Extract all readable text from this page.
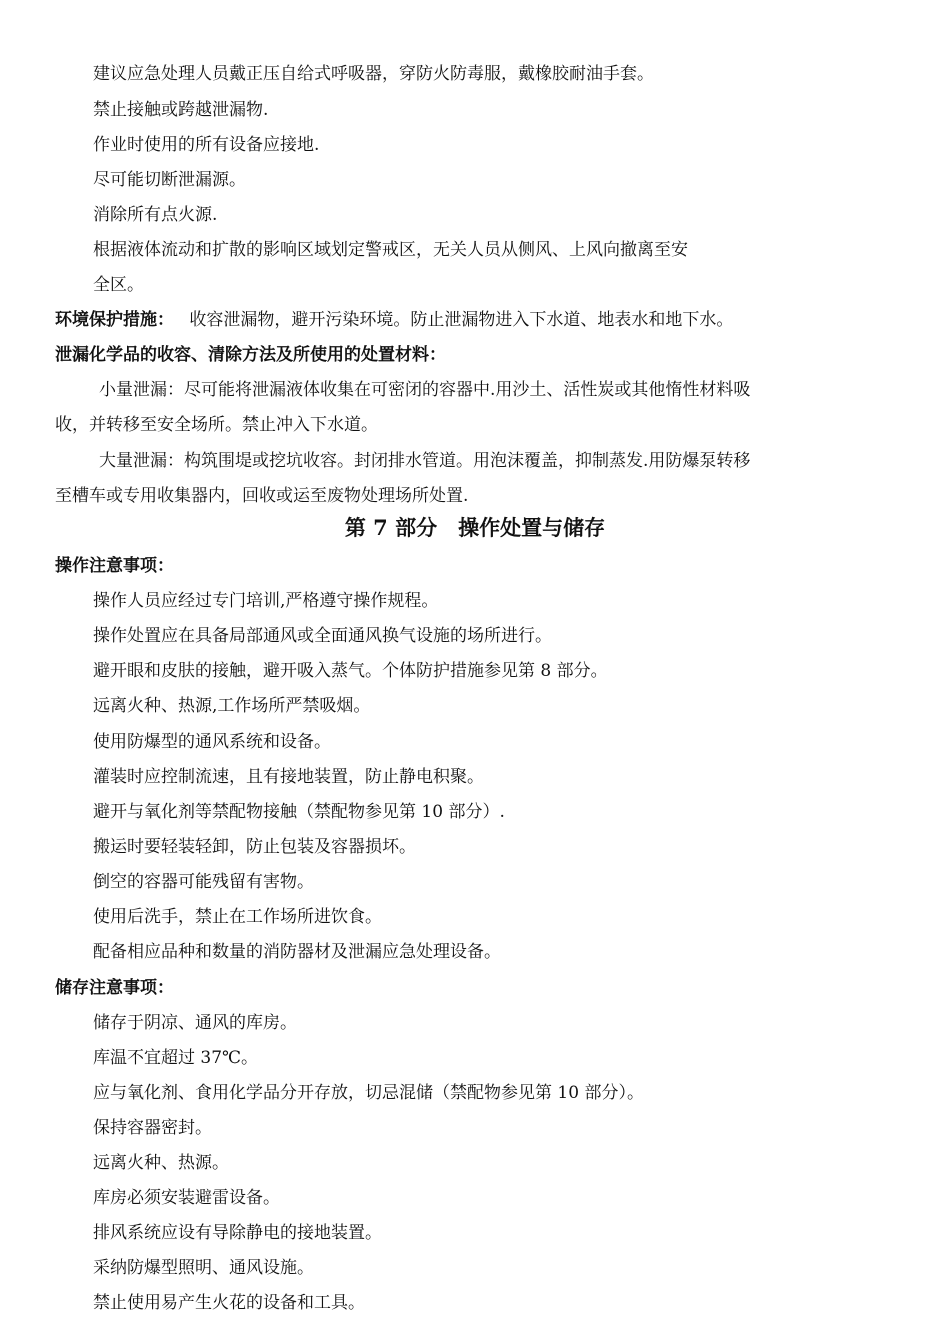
建议应急处理人员戴正压自给式呼吸器，穿防火防毒服，戴橡胶耐油手套。
禁止接触或跨越泄漏物.
作业时使用的所有设备应接地.
尽可能切断泄漏源。
消除所有点火源.
根据液体流动和扩散的影响区域划定警戒区，无关人员从侧风、上风向撤离至安
全区。
环境保护措施： 收容泄漏物，避开污染环境。防止泄漏物进入下水道、地表水和地下水。
泄漏化学品的收容、清除方法及所使用的处置材料：
小量泄漏：尽可能将泄漏液体收集在可密闭的容器中.用沙土、活性炭或其他惰性材料吸
收，并转移至安全场所。禁止冲入下水道。
大量泄漏：构筑围堤或挖坑收容。封闭排水管道。用泡沫覆盖，抑制蒸发.用防爆泵转移
至槽车或专用收集器内，回收或运至废物处理场所处置.
第 7 部分　操作处置与储存
操作注意事项：
操作人员应经过专门培训,严格遵守操作规程。
操作处置应在具备局部通风或全面通风换气设施的场所进行。
避开眼和皮肤的接触，避开吸入蒸气。个体防护措施参见第 8 部分。
远离火种、热源,工作场所严禁吸烟。
使用防爆型的通风系统和设备。
灌装时应控制流速，且有接地装置，防止静电积聚。
避开与氧化剂等禁配物接触（禁配物参见第 10 部分）.
搬运时要轻装轻卸，防止包装及容器损坏。
倒空的容器可能残留有害物。
使用后洗手，禁止在工作场所进饮食。
配备相应品种和数量的消防器材及泄漏应急处理设备。
储存注意事项：
储存于阴凉、通风的库房。
库温不宜超过 37℃。
应与氧化剂、食用化学品分开存放，切忌混储（禁配物参见第 10 部分）。
保持容器密封。
远离火种、热源。
库房必须安装避雷设备。
排风系统应设有导除静电的接地装置。
采纳防爆型照明、通风设施。
禁止使用易产生火花的设备和工具。
